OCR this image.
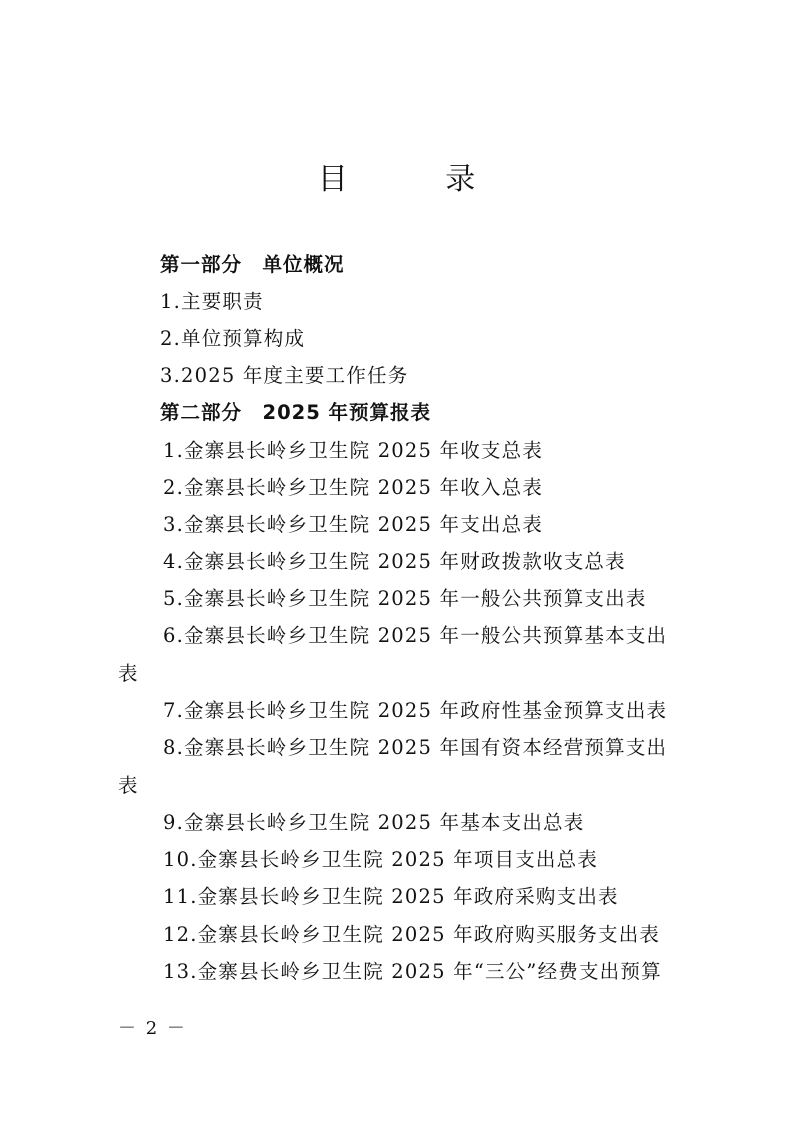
目 录
第一部分　单位概况
1.主要职责
2.单位预算构成
3.2025 年度主要工作任务
第二部分　2025 年预算报表
1.金寨县长岭乡卫生院 2025 年收支总表
2.金寨县长岭乡卫生院 2025 年收入总表
3.金寨县长岭乡卫生院 2025 年支出总表
4.金寨县长岭乡卫生院 2025 年财政拨款收支总表
5.金寨县长岭乡卫生院 2025 年一般公共预算支出表
6.金寨县长岭乡卫生院 2025 年一般公共预算基本支出
表
7.金寨县长岭乡卫生院 2025 年政府性基金预算支出表
8.金寨县长岭乡卫生院 2025 年国有资本经营预算支出
表
9.金寨县长岭乡卫生院 2025 年基本支出总表
10.金寨县长岭乡卫生院 2025 年项目支出总表
11.金寨县长岭乡卫生院 2025 年政府采购支出表
12.金寨县长岭乡卫生院 2025 年政府购买服务支出表
13.金寨县长岭乡卫生院 2025 年“三公”经费支出预算
－ 2 －
